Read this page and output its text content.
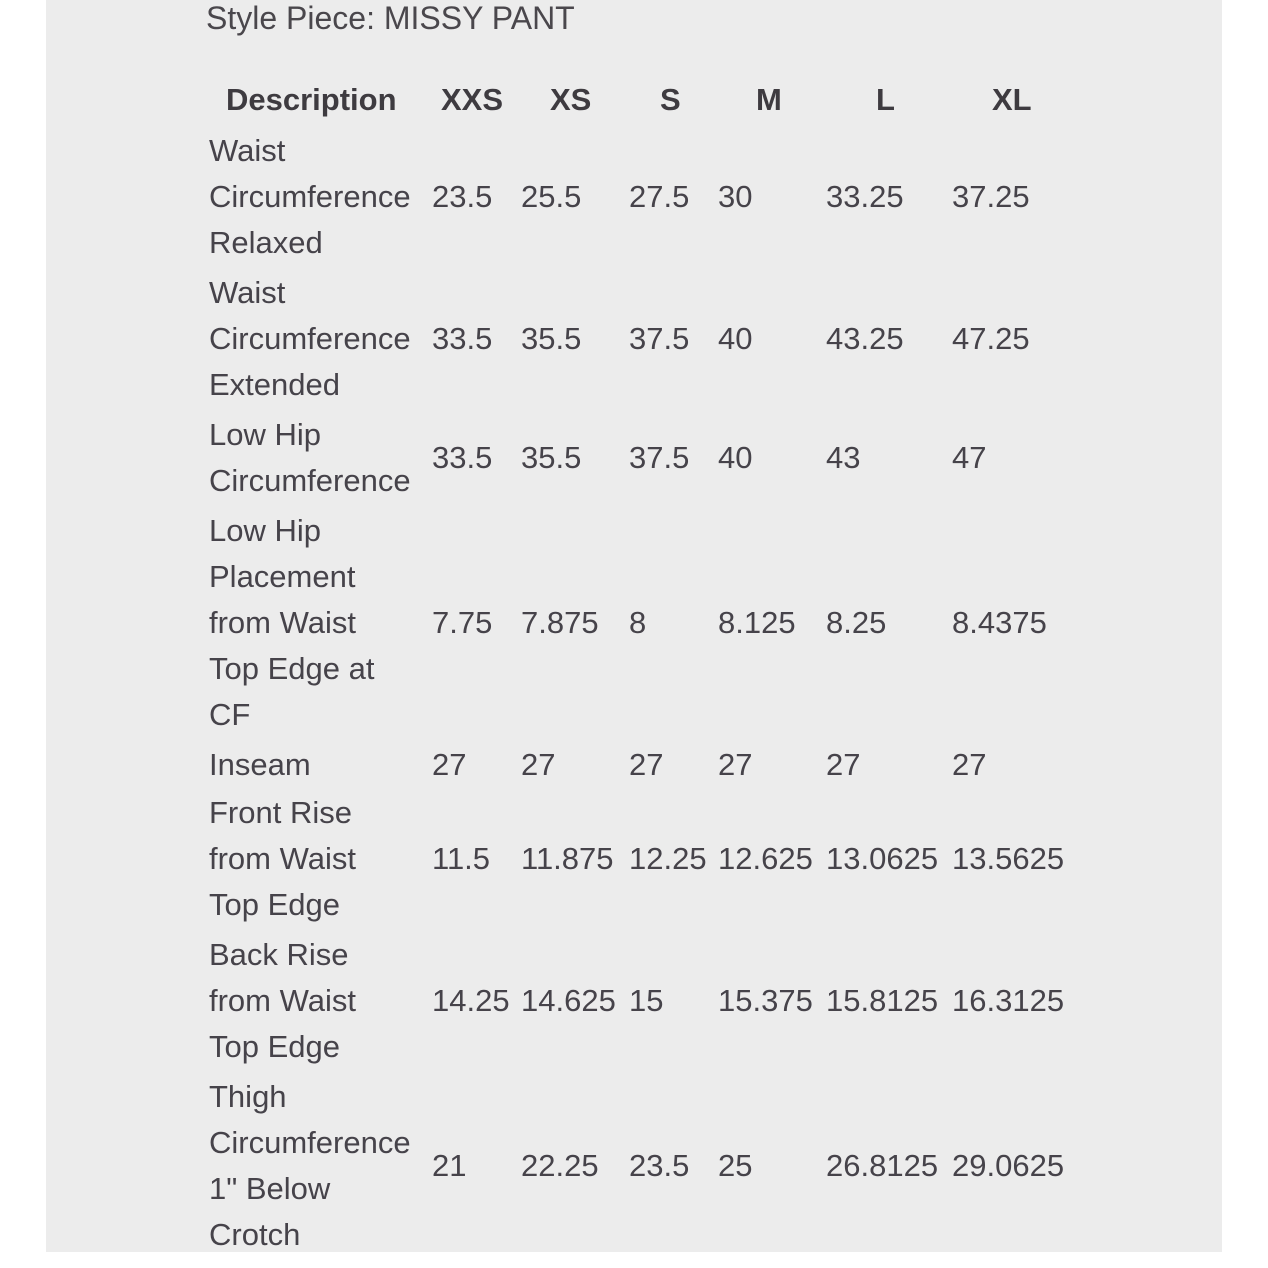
Style Piece: MISSY PANT
Description XXS XS S M	L	XL
Waist
Circumference
Relaxed
23.5 25.5 27.5 30 33.25 37.25
Waist
Circumference
Extended
33.5 35.5 37.5 40 43.25 47.25
Low Hip
Circumference
33.5 35.5 37.5 40 43	47
Low Hip
Placement
from Waist
Top Edge at
CF
7.75 7.875 8 8.125 8.25 8.4375
Inseam	27 27 27 27 27	27
Front Rise
from Waist
Top Edge
11.5 11.875 12.25 12.625 13.0625 13.5625
Back Rise
from Waist
Top Edge
14.25 14.625 15 15.375 15.8125 16.3125
Thigh
Circumference
1" Below
Crotch
21 22.25 23.5 25 26.8125 29.0625
